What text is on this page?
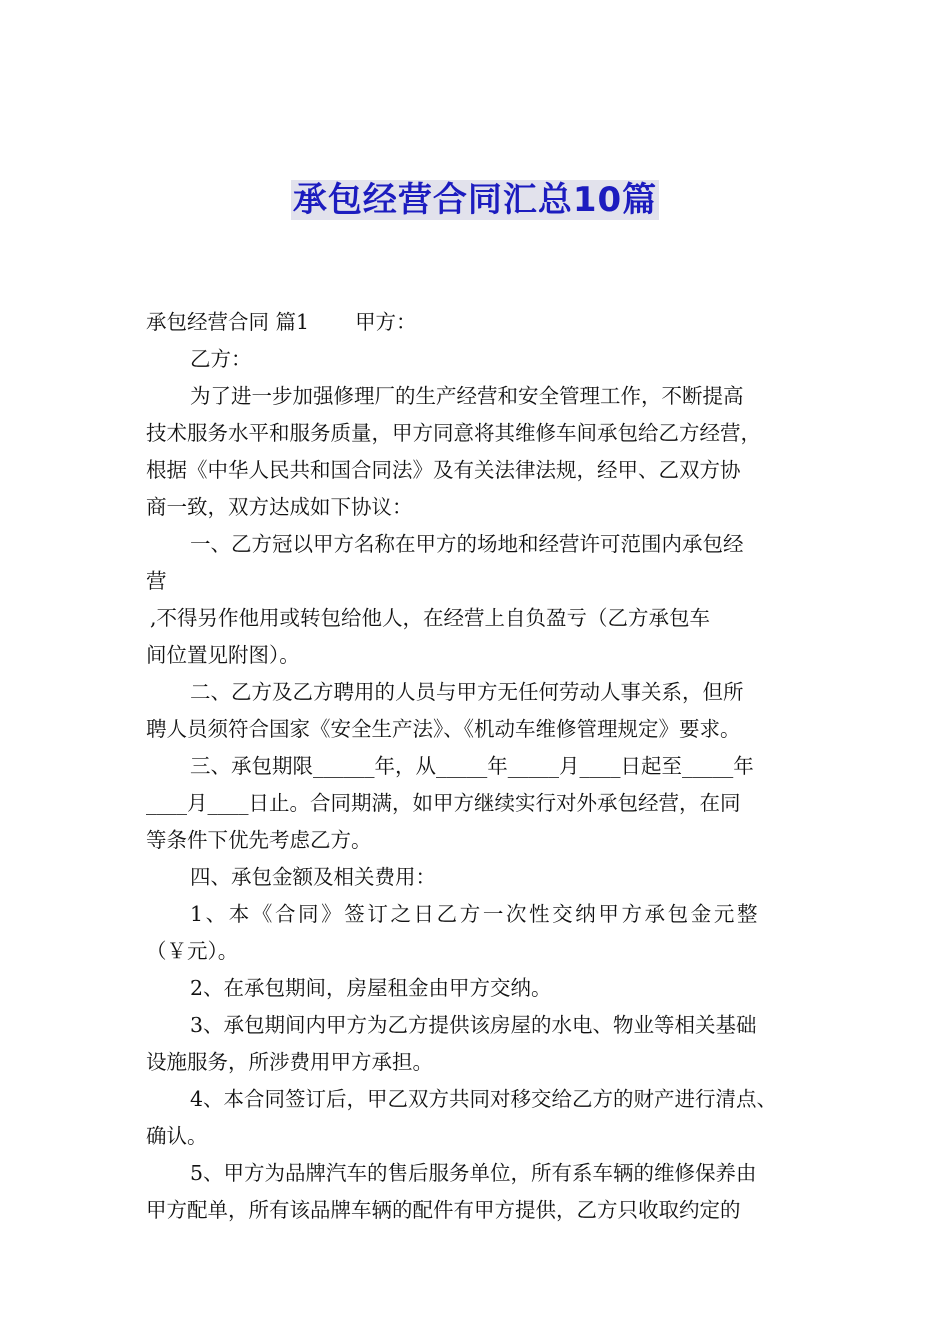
承包经营合同汇总10篇
承包经营合同 篇1 甲方：
乙方：
为了进一步加强修理厂的生产经营和安全管理工作，不断提高
技术服务水平和服务质量，甲方同意将其维修车间承包给乙方经营，
根据《中华人民共和国合同法》及有关法律法规，经甲、乙双方协
商一致，双方达成如下协议：
一、乙方冠以甲方名称在甲方的场地和经营许可范围内承包经
营
,不得另作他用或转包给他人，在经营上自负盈亏（乙方承包车
间位置见附图）。
二、乙方及乙方聘用的人员与甲方无任何劳动人事关系，但所
聘人员须符合国家《安全生产法》、《机动车维修管理规定》要求。
三、承包期限______年，从_____年_____月____日起至_____年
____月____日止。合同期满，如甲方继续实行对外承包经营，在同
等条件下优先考虑乙方。
四、承包金额及相关费用：
1、本《合同》签订之日乙方一次性交纳甲方承包金元整
（￥元）。
2、在承包期间，房屋租金由甲方交纳。
3、承包期间内甲方为乙方提供该房屋的水电、物业等相关基础
设施服务，所涉费用甲方承担。
4、本合同签订后，甲乙双方共同对移交给乙方的财产进行清点、
确认。
5、甲方为品牌汽车的售后服务单位，所有系车辆的维修保养由
甲方配单，所有该品牌车辆的配件有甲方提供，乙方只收取约定的
